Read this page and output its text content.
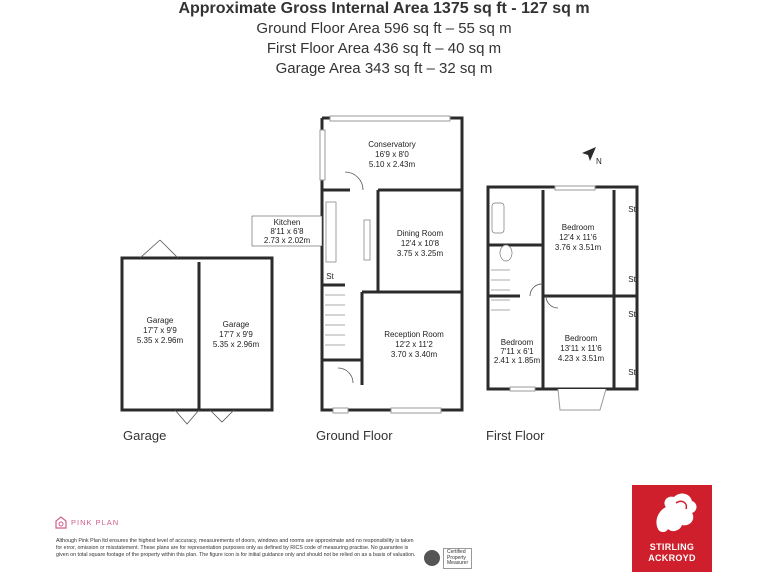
Approximate Gross Internal Area 1375 sq ft - 127 sq m
Ground Floor Area 596 sq ft – 55 sq m
First Floor Area 436 sq ft – 40 sq m
Garage Area 343 sq ft – 32 sq m
N
Conservatory
16'9 x 8'0
5.10 x 2.43m
Dining Room
12'4 x 10'8
3.75 x 3.25m
Reception Room
12'2 x 11'2
3.70 x 3.40m
Garage
17'7 x 9'9
5.35 x 2.96m
Garage
17'7 x 9'9
5.35 x 2.96m
Bedroom
12'4 x 11'6
3.76 x 3.51m
Bedroom
13'11 x 11'6
4.23 x 3.51m
Bedroom
7'11 x 6'1
2.41 x 1.85m
St
St
St
St
St
Kitchen
8'11 x 6'8
2.73 x 2.02m
Garage	Ground Floor	First Floor
PINK PLAN
Although Pink Plan ltd ensures the highest level of accuracy, measurements of doors, windows and rooms are approximate and no responsibility is taken for error, omission or misstatement. These plans are for representation purposes only as defined by RICS code of measuring practise. No guarantee is given on total square footage of the property within this plan. The figure icon is for initial guidance only and should not be relied on as a basis of valuation.	Certified
Property
Measurer
STIRLING
ACKROYD
